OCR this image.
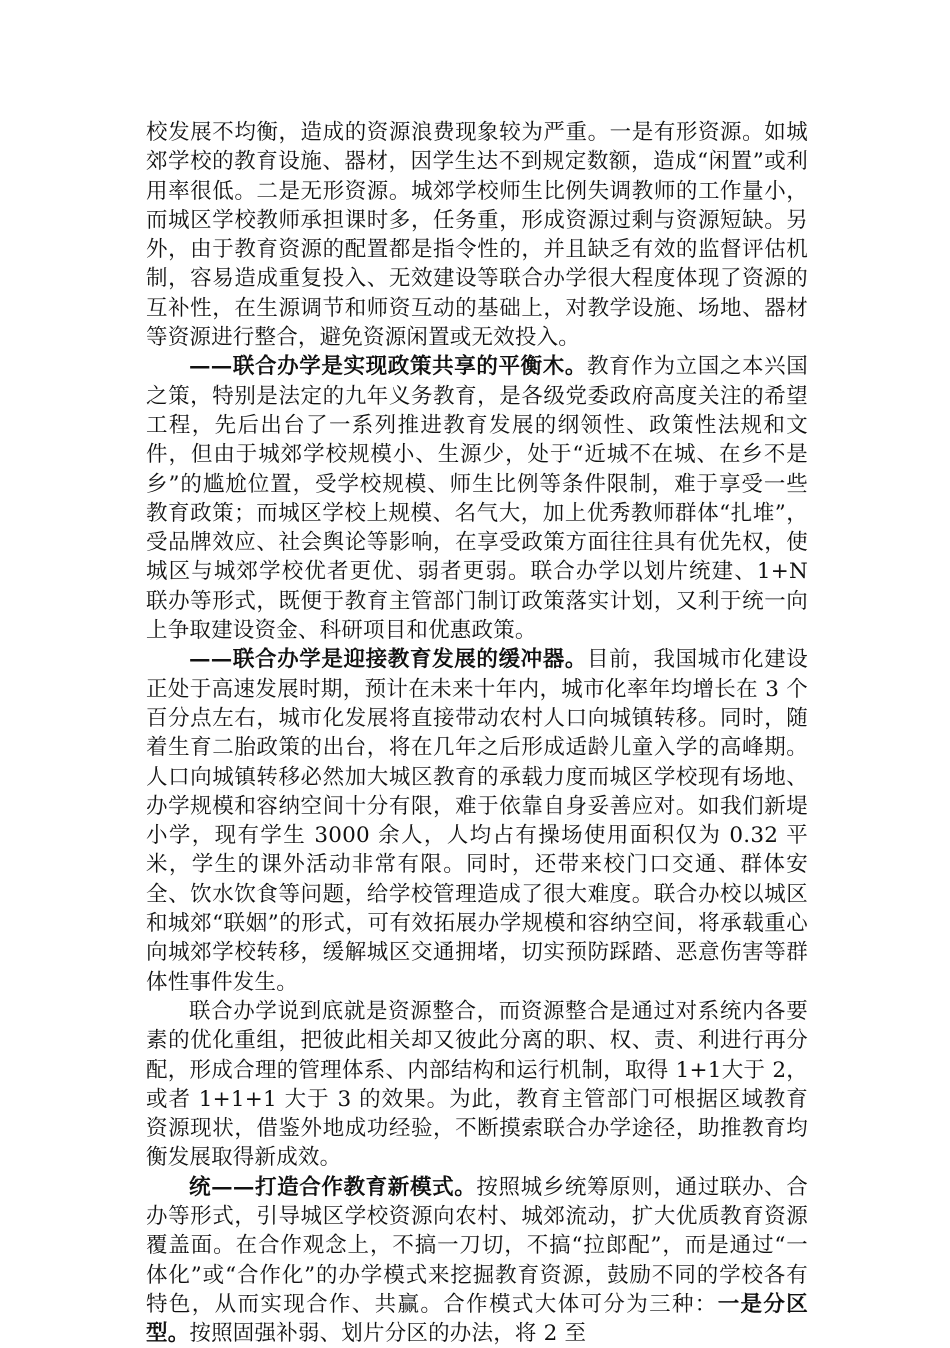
校发展不均衡，造成的资源浪费现象较为严重。一是有形资源。如城郊学校的教育设施、器材，因学生达不到规定数额，造成“闲置”或利用率很低。二是无形资源。城郊学校师生比例失调教师的工作量小，而城区学校教师承担课时多，任务重，形成资源过剩与资源短缺。另外，由于教育资源的配置都是指令性的，并且缺乏有效的监督评估机制，容易造成重复投入、无效建设等联合办学很大程度体现了资源的互补性，在生源调节和师资互动的基础上，对教学设施、场地、器材等资源进行整合，避免资源闲置或无效投入。

——联合办学是实现政策共享的平衡木。教育作为立国之本兴国之策，特别是法定的九年义务教育，是各级党委政府高度关注的希望工程，先后出台了一系列推进教育发展的纲领性、政策性法规和文件，但由于城郊学校规模小、生源少，处于“近城不在城、在乡不是乡”的尴尬位置，受学校规模、师生比例等条件限制，难于享受一些教育政策；而城区学校上规模、名气大，加上优秀教师群体“扎堆”，受品牌效应、社会舆论等影响，在享受政策方面往往具有优先权，使城区与城郊学校优者更优、弱者更弱。联合办学以划片统建、1+N 联办等形式，既便于教育主管部门制订政策落实计划，又利于统一向上争取建设资金、科研项目和优惠政策。

——联合办学是迎接教育发展的缓冲器。目前，我国城市化建设正处于高速发展时期，预计在未来十年内，城市化率年均增长在 3 个百分点左右，城市化发展将直接带动农村人口向城镇转移。同时，随着生育二胎政策的出台，将在几年之后形成适龄儿童入学的高峰期。人口向城镇转移必然加大城区教育的承载力度而城区学校现有场地、办学规模和容纳空间十分有限，难于依靠自身妥善应对。如我们新堤小学，现有学生 3000 余人，人均占有操场使用面积仅为 0.32 平米，学生的课外活动非常有限。同时，还带来校门口交通、群体安全、饮水饮食等问题，给学校管理造成了很大难度。联合办校以城区和城郊“联姻”的形式，可有效拓展办学规模和容纳空间，将承载重心向城郊学校转移，缓解城区交通拥堵，切实预防踩踏、恶意伤害等群体性事件发生。

联合办学说到底就是资源整合，而资源整合是通过对系统内各要素的优化重组，把彼此相关却又彼此分离的职、权、责、利进行再分配，形成合理的管理体系、内部结构和运行机制，取得 1+1大于 2，或者 1+1+1 大于 3 的效果。为此，教育主管部门可根据区域教育资源现状，借鉴外地成功经验，不断摸索联合办学途径，助推教育均衡发展取得新成效。

统——打造合作教育新模式。按照城乡统筹原则，通过联办、合办等形式，引导城区学校资源向农村、城郊流动，扩大优质教育资源覆盖面。在合作观念上，不搞一刀切，不搞“拉郎配”，而是通过“一体化”或“合作化”的办学模式来挖掘教育资源，鼓励不同的学校各有特色，从而实现合作、共赢。合作模式大体可分为三种：一是分区型。按照固强补弱、划片分区的办法，将 2 至
